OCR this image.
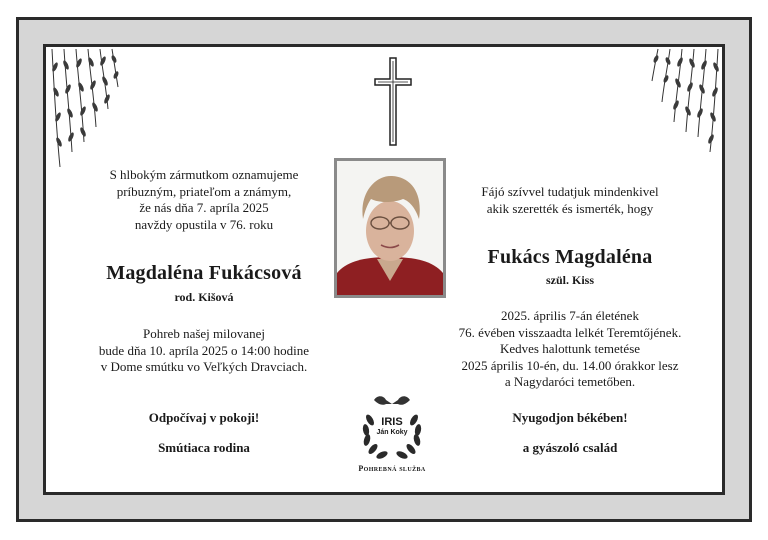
S hlbokým zármutkom oznamujeme
príbuzným, priateľom a známym,
že nás dňa 7. apríla 2025
navždy opustila v 76. roku
Magdaléna Fukácsová
rod. Kišová
Pohreb našej milovanej
bude dňa 10. apríla 2025 o 14:00 hodine
v Dome smútku vo Veľkých Dravciach.
Odpočívaj v pokoji!
Smútiaca rodina
Fájó szívvel tudatjuk mindenkivel
akik szerették és ismerték, hogy
Fukács Magdaléna
szül. Kiss
2025. április 7-án életének
76. évében visszaadta lelkét Teremtőjének.
Kedves halottunk temetése
2025 április 10-én, du. 14.00 órakkor lesz
a Nagydaróci temetőben.
Nyugodjon békében!
a gyászoló család
IRIS
Ján Koky
Pohrebná služba
